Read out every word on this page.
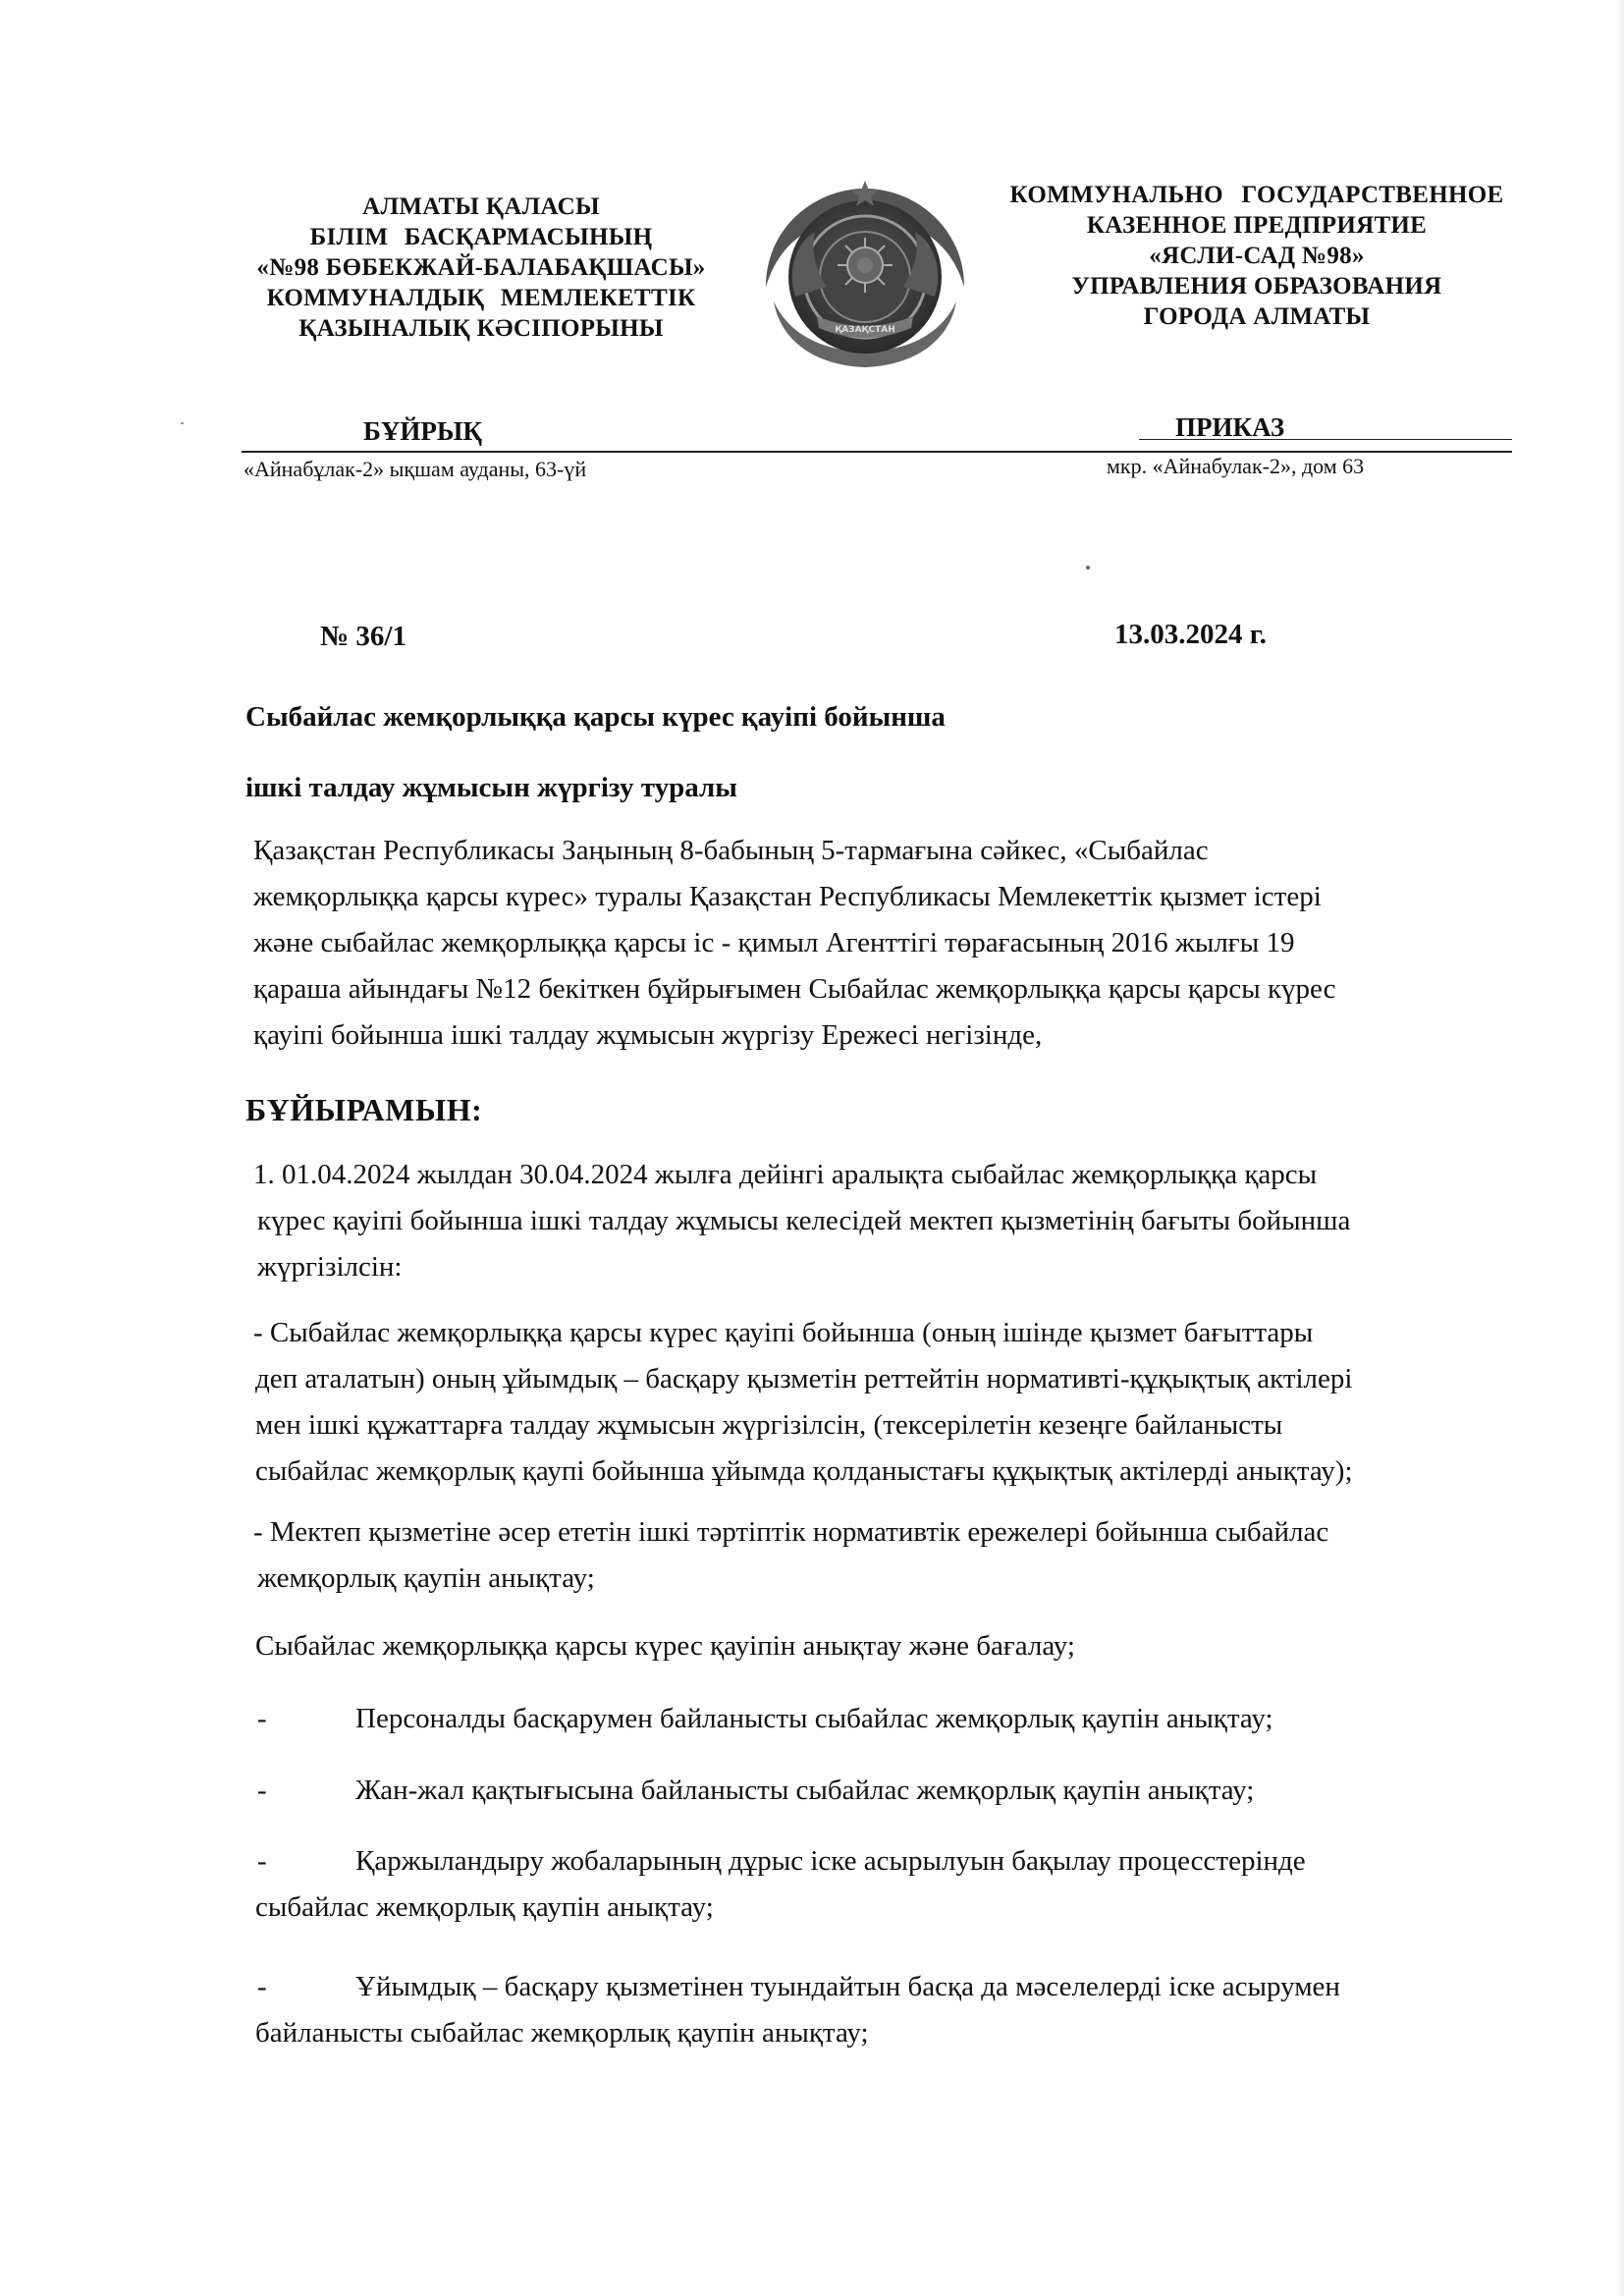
АЛМАТЫ ҚАЛАСЫ
БІЛІМ БАСҚАРМАСЫНЫҢ
«№98 БӨБЕКЖАЙ-БАЛАБАҚШАСЫ»
КОММУНАЛДЫҚ МЕМЛЕКЕТТІК
ҚАЗЫНАЛЫҚ КӘСІПОРЫНЫ	ҚАЗАҚСТАН
КОММУНАЛЬНО ГОСУДАРСТВЕННОЕ
КАЗЕННОЕ ПРЕДПРИЯТИЕ
«ЯСЛИ-САД №98»
УПРАВЛЕНИЯ ОБРАЗОВАНИЯ
ГОРОДА АЛМАТЫ
БҰЙРЫҚ	ПРИКАЗ
«Айнабұлак-2» ықшам ауданы, 63-үй	мкр. «Айнабулак-2», дом 63
№ 36/1	13.03.2024 г.
Сыбайлас жемқорлыққа қарсы күрес қауіпі бойынша
ішкі талдау жұмысын жүргізу туралы
Қазақстан Республикасы Заңының 8-бабының 5-тармағына сәйкес, «Сыбайлас
жемқорлыққа қарсы күрес» туралы Қазақстан Республикасы Мемлекеттік қызмет істері
және сыбайлас жемқорлыққа қарсы іс - қимыл Агенттігі төрағасының 2016 жылғы 19
қараша айындағы №12 бекіткен бұйрығымен Сыбайлас жемқорлыққа қарсы қарсы күрес
қауіпі бойынша ішкі талдау жұмысын жүргізу Ережесі негізінде,
БҰЙЫРАМЫН:
1. 01.04.2024 жылдан 30.04.2024 жылға дейінгі аралықта сыбайлас жемқорлыққа қарсы
күрес қауіпі бойынша ішкі талдау жұмысы келесідей мектеп қызметінің бағыты бойынша
жүргізілсін:
- Сыбайлас жемқорлыққа қарсы күрес қауіпі бойынша (оның ішінде қызмет бағыттары
деп аталатын) оның ұйымдық – басқару қызметін реттейтін нормативті-құқықтық актілері
мен ішкі құжаттарға талдау жұмысын жүргізілсін, (тексерілетін кезеңге байланысты
сыбайлас жемқорлық қаупі бойынша ұйымда қолданыстағы құқықтық актілерді анықтау);
- Мектеп қызметіне әсер ететін ішкі тәртіптік нормативтік ережелері бойынша сыбайлас
жемқорлық қаупін анықтау;
Сыбайлас жемқорлыққа қарсы күрес қауіпін анықтау және бағалау;
-	Персоналды басқарумен байланысты сыбайлас жемқорлық қаупін анықтау;
-	Жан-жал қақтығысына байланысты сыбайлас жемқорлық қаупін анықтау;
-	Қаржыландыру жобаларының дұрыс іске асырылуын бақылау процесстерінде
сыбайлас жемқорлық қаупін анықтау;
-	Ұйымдық – басқару қызметінен туындайтын басқа да мәселелерді іске асырумен
байланысты сыбайлас жемқорлық қаупін анықтау;
